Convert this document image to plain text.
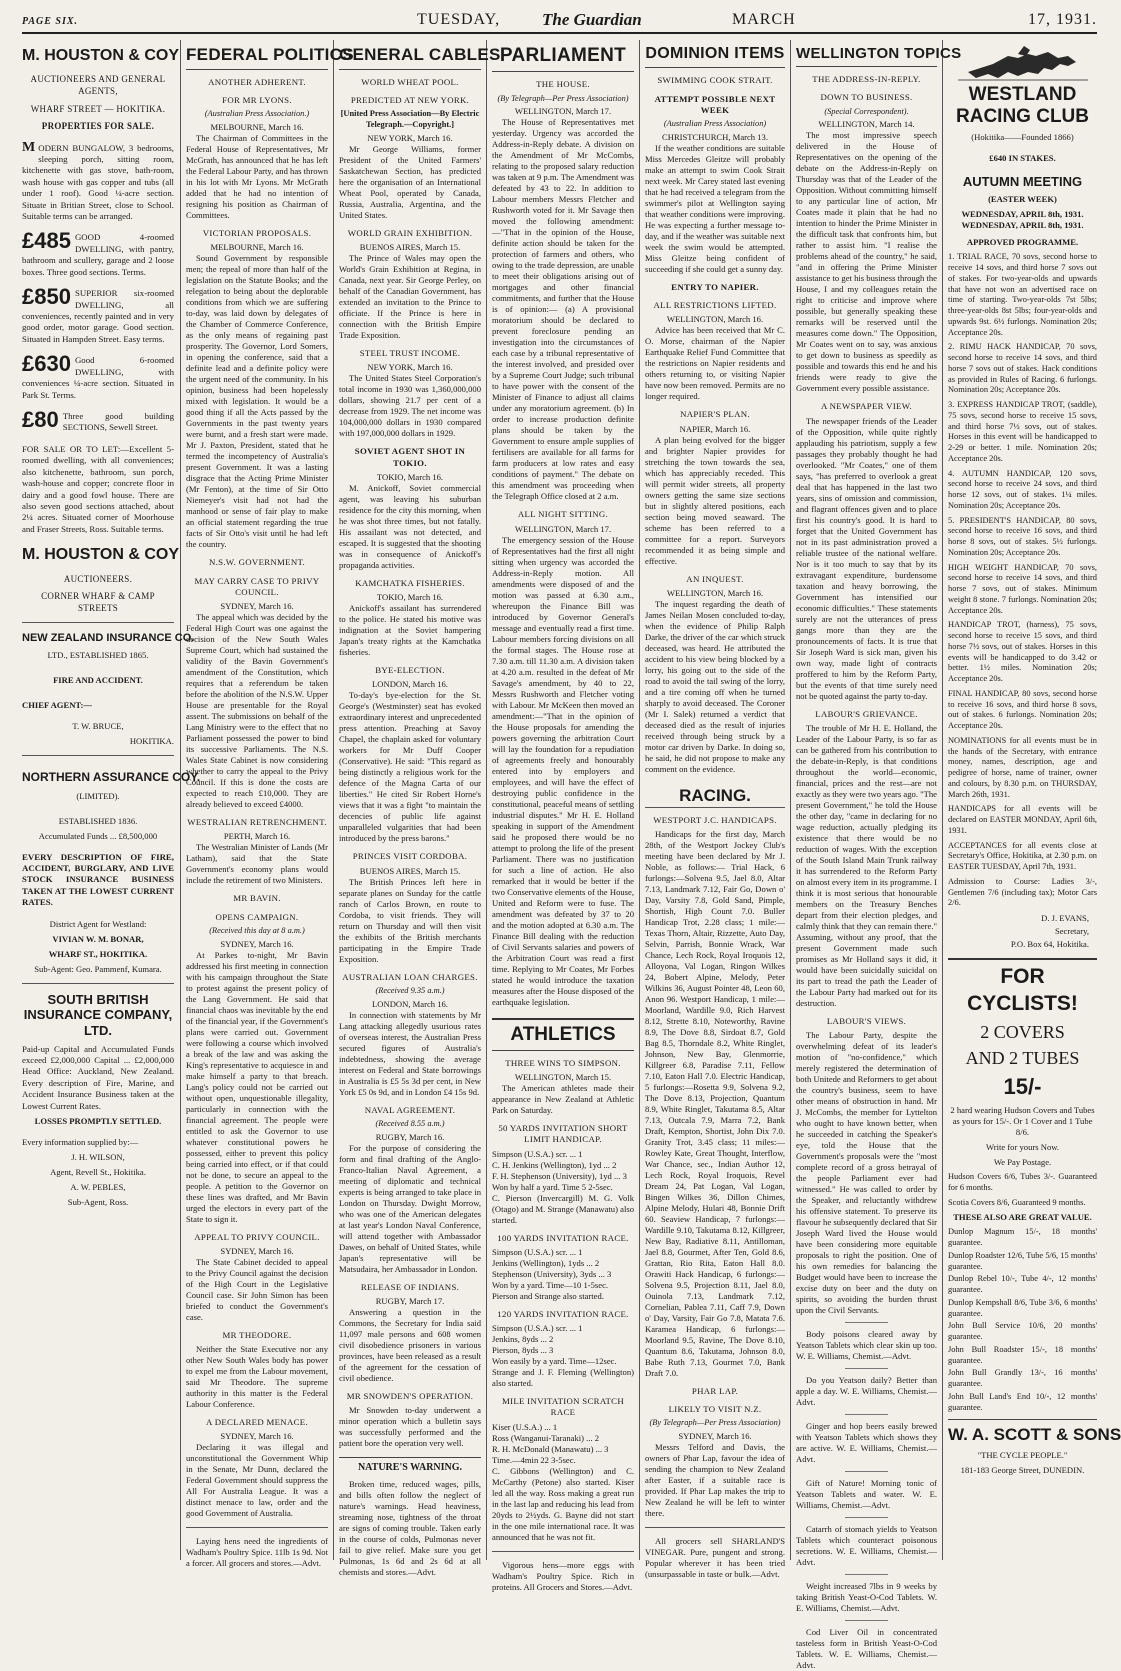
PAGE SIX.	TUESDAY, The Guardian	MARCH	17, 1931.
M. HOUSTON & COY
AUCTIONEERS AND GENERAL AGENTS,
WHARF STREET — HOKITIKA.
PROPERTIES FOR SALE.
MODERN BUNGALOW, 3 bedrooms, sleeping porch, sitting room, kitchenette with gas stove, bath-room, wash house with gas copper and tubs (all under 1 roof). Good ¼-acre section. Situate in Britian Street, close to School. Suitable terms can be arranged.
£485 GOOD 4-roomed DWELLING, with pantry, bathroom and scullery, garage and 2 loose boxes. Three good sections. Terms.
£850 SUPERIOR six-roomed DWELLING, all conveniences, recently painted and in very good order, motor garage. Good section. Situated in Hampden Street. Easy terms.
£630 Good 6-roomed DWELLING, with conveniences ¼-acre section. Situated in Park St. Terms.
£80 Three good building SECTIONS, Sewell Street.
FOR SALE OR TO LET:—Excellent 5-roomed dwelling, with all conveniences; also kitchenette, bathroom, sun porch, wash-house and copper; concrete floor in dairy and a good fowl house. There are also seven good sections attached, about 2¼ acres. Situated corner of Moorhouse and Fraser Streets, Ross. Suitable terms.
M. HOUSTON & COY
AUCTIONEERS.
CORNER WHARF & CAMP STREETS
NEW ZEALAND INSURANCE CO.
LTD., ESTABLISHED 1865.
FIRE AND ACCIDENT.
CHIEF AGENT:—
T. W. BRUCE,
HOKITIKA.
NORTHERN ASSURANCE COY.
(LIMITED).
ESTABLISHED 1836.
Accumulated Funds ... £8,500,000
EVERY DESCRIPTION OF FIRE, ACCIDENT, BURGLARY, AND LIVE STOCK INSURANCE BUSINESS TAKEN AT THE LOWEST CURRENT RATES.
District Agent for Westland:
VIVIAN W. M. BONAR,
WHARF ST., HOKITIKA.
Sub-Agent: Geo. Pammenf, Kumara.
SOUTH BRITISH INSURANCE COMPANY, LTD.
Paid-up Capital and Accumulated Funds exceed £2,000,000 Capital ... £2,000,000 Head Office: Auckland, New Zealand. Every description of Fire, Marine, and Accident Insurance Business taken at the Lowest Current Rates.
LOSSES PROMPTLY SETTLED.
Every information supplied by:—
J. H. WILSON,
Agent, Revell St., Hokitika.
A. W. PEBLES,
Sub-Agent, Ross.
FEDERAL POLITICS
ANOTHER ADHERENT.
FOR MR LYONS.
(Australian Press Association.)
MELBOURNE, March 16.

The Chairman of Committees in the Federal House of Representatives, Mr McGrath, has announced that he has left the Federal Labour Party, and has thrown in his lot with Mr Lyons. Mr McGrath added that he had no intention of resigning his position as Chairman of Committees.

VICTORIAN PROPOSALS.
MELBOURNE, March 16.

Sound Government by responsible men; the repeal of more than half of the legislation on the Statute Books; and the relegation to being about the deplorable conditions from which we are suffering to-day, was laid down by delegates of the Chamber of Commerce Conference, as the only means of regaining past prosperity. The Governor, Lord Somers, in opening the conference, said that a definite lead and a definite policy were the urgent need of the community. In his opinion, business had been hopelessly mixed with legislation. It would be a good thing if all the Acts passed by the Governments in the past twenty years were burnt, and a fresh start were made. Mr J. Paxton, President, stated that he termed the incompetency of Australia's present Government. It was a lasting disgrace that the Acting Prime Minister (Mr Fenton), at the time of Sir Otto Niemeyer's visit had not had the manhood or sense of fair play to make an official statement regarding the true facts of Sir Otto's visit until he had left the country.

N.S.W. GOVERNMENT.
MAY CARRY CASE TO PRIVY COUNCIL.
SYDNEY, March 16.

The appeal which was decided by the Federal High Court was one against the decision of the New South Wales Supreme Court, which had sustained the validity of the Bavin Government's amendment of the Constitution, which requires that a referendum be taken before the abolition of the N.S.W. Upper House are presentable for the Royal assent. The submissions on behalf of the Lang Ministry were to the effect that no Parliament possessed the power to bind its successive Parliaments. The N.S. Wales State Cabinet is now considering whether to carry the appeal to the Privy Council. If this is done the costs are expected to reach £10,000. They are already believed to exceed £4000.

WESTRALIAN RETRENCHMENT.
PERTH, March 16.

The Westralian Minister of Lands (Mr Latham), said that the State Government's economy plans would include the retirement of two Ministers.

MR BAVIN.
OPENS CAMPAIGN.
(Received this day at 8 a.m.)
SYDNEY, March 16.

At Parkes to-night, Mr Bavin addressed his first meeting in connection with his campaign throughout the State to protest against the present policy of the Lang Government. He said that financial chaos was inevitable by the end of the financial year, if the Government's plans were carried out. Government were following a course which involved a break of the law and was asking the King's representative to acquiesce in and make himself a party to that breach. Lang's policy could not be carried out without open, unquestionable illegality, particularly in connection with the financial agreement. The people were entitled to ask the Governor to use whatever constitutional powers he possessed, either to prevent this policy being carried into effect, or if that could not be done, to secure an appeal to the people. A petition to the Governor on these lines was drafted, and Mr Bavin urged the electors in every part of the State to sign it.

APPEAL TO PRIVY COUNCIL.
SYDNEY, March 16.

The State Cabinet decided to appeal to the Privy Council against the decision of the High Court in the Legislative Council case. Sir John Simon has been briefed to conduct the Government's case.

MR THEODORE.

Neither the State Executive nor any other New South Wales body has power to expel me from the Labour movement, said Mr Theodore. The supreme authority in this matter is the Federal Labour Conference.

A DECLARED MENACE.
SYDNEY, March 16.

Declaring it was illegal and unconstitutional the Government Whip in the Senate, Mr Dunn, declared the Federal Government should suppress the All For Australia League. It was a distinct menace to law, order and the good Government of Australia.

Laying hens need the ingredients of Wadham's Poultry Spice. 11lb 1s 9d. Not a forcer. All grocers and stores.—Advt.

GENERAL CABLES
WORLD WHEAT POOL.
PREDICTED AT NEW YORK.
[United Press Association—By Electric Telegraph.—Copyright.]
NEW YORK, March 16.

Mr George Williams, former President of the United Farmers' Saskatchewan Section, has predicted here the organisation of an International Wheat Pool, operated by Canada, Russia, Australia, Argentina, and the United States.

WORLD GRAIN EXHIBITION.
BUENOS AIRES, March 15.

The Prince of Wales may open the World's Grain Exhibition at Regina, in Canada, next year. Sir George Perley, on behalf of the Canadian Government, has extended an invitation to the Prince to officiate. If the Prince is here in connection with the British Empire Trade Exposition.

STEEL TRUST INCOME.
NEW YORK, March 16.

The United States Steel Corporation's total income in 1930 was 1,360,000,000 dollars, showing 21.7 per cent of a decrease from 1929. The net income was 104,000,000 dollars in 1930 compared with 197,000,000 dollars in 1929.

SOVIET AGENT SHOT IN TOKIO.
TOKIO, March 16.

M. Anickoff, Soviet commercial agent, was leaving his suburban residence for the city this morning, when he was shot three times, but not fatally. His assailant was not detected, and escaped. It is suggested that the shooting was in consequence of Anickoff's propaganda activities.

KAMCHATKA FISHERIES.
TOKIO, March 16.

Anickoff's assailant has surrendered to the police. He stated his motive was indignation at the Soviet hampering Japan's treaty rights at the Kamchatka fisheries.

BYE-ELECTION.
LONDON, March 16.

To-day's bye-election for the St. George's (Westminster) seat has evoked extraordinary interest and unprecedented press attention. Preaching at Savoy Chapel, the chaplain asked for voluntary workers for Mr Duff Cooper (Conservative). He said: "This regard as being distinctly a religious work for the defence of the Magna Carta of our liberties." He cited Sir Robert Horne's views that it was a fight "to maintain the decencies of public life against unparalleled vulgarities that had been introduced by the press barons."

PRINCES VISIT CORDOBA.
BUENOS AIRES, March 15.

The British Princes left here in separate planes on Sunday for the cattle ranch of Carlos Brown, en route to Cordoba, to visit friends. They will return on Thursday and will then visit the exhibits of the British merchants participating in the Empire Trade Exposition.

AUSTRALIAN LOAN CHARGES.
(Received 9.35 a.m.)
LONDON, March 16.

In connection with statements by Mr Lang attacking allegedly usurious rates of overseas interest, the Australian Press secured figures of Australia's indebtedness, showing the average interest on Federal and State borrowings in Australia is £5 5s 3d per cent, in New York £5 0s 9d, and in London £4 15s 9d.

NAVAL AGREEMENT.
(Received 8.55 a.m.)
RUGBY, March 16.

For the purpose of considering the form and final drafting of the Anglo-Franco-Italian Naval Agreement, a meeting of diplomatic and technical experts is being arranged to take place in London on Thursday. Dwight Morrow, who was one of the American delegates at last year's London Naval Conference, will attend together with Ambassador Dawes, on behalf of United States, while Japan's representative will be Matsudaira, her Ambassador in London.

RELEASE OF INDIANS.
RUGBY, March 17.

Answering a question in the Commons, the Secretary for India said 11,097 male persons and 608 women civil disobedience prisoners in various provinces, have been released as a result of the agreement for the cessation of civil obedience.

MR SNOWDEN'S OPERATION.

Mr Snowden to-day underwent a minor operation which a bulletin says was successfully performed and the patient bore the operation very well.

NATURE'S WARNING.

Broken time, reduced wages, pills, and bills often follow the neglect of nature's warnings. Head heaviness, streaming nose, tightness of the throat are signs of coming trouble. Taken early in the course of colds, Pulmonas never fail to give relief. Make sure you get Pulmonas, 1s 6d and 2s 6d at all chemists and stores.—Advt.

PARLIAMENT
THE HOUSE.
(By Telegraph—Per Press Association)
WELLINGTON, March 17.

The House of Representatives met yesterday. Urgency was accorded the Address-in-Reply debate. A division on the Amendment of Mr McCombs, relating to the proposed salary reduction was taken at 9 p.m. The Amendment was defeated by 43 to 22. In addition to Labour members Messrs Fletcher and Rushworth voted for it. Mr Savage then moved the following amendment:—"That in the opinion of the House, definite action should be taken for the protection of farmers and others, who owing to the trade depression, are unable to meet their obligations arising out of mortgages and other financial commitments, and further that the House is of opinion:— (a) A provisional moratorium should be declared to prevent foreclosure pending an investigation into the circumstances of each case by a tribunal representative of the interest involved, and presided over by a Supreme Court Judge; such tribunal to have power with the consent of the Minister of Finance to adjust all claims under any moratorium agreement. (b) In order to increase production definite plans should be taken by the Government to ensure ample supplies of fertilisers are available for all farms for farm producers at low rates and easy conditions of payment." The debate on this amendment was proceeding when the Telegraph Office closed at 2 a.m.

ALL NIGHT SITTING.
WELLINGTON, March 17.

The emergency session of the House of Representatives had the first all night sitting when urgency was accorded the Address-in-Reply motion. All amendments were disposed of and the motion was passed at 6.30 a.m., whereupon the Finance Bill was introduced by Governor General's message and eventually read a first time. Labour members forcing divisions on all the formal stages. The House rose at 7.30 a.m. till 11.30 a.m. A division taken at 4.20 a.m. resulted in the defeat of Mr Savage's amendment, by 40 to 22, Messrs Rushworth and Fletcher voting with Labour. Mr McKeen then moved an amendment:—"That in the opinion of the House proposals for amending the powers governing the arbitration Court will lay the foundation for a repudiation of agreements freely and honourably entered into by employers and employees, and will have the effect of destroying public confidence in the constitutional, peaceful means of settling industrial disputes." Mr H. E. Holland speaking in support of the Amendment said he proposed there would be no attempt to prolong the life of the present Parliament. There was no justification for such a line of action. He also remarked that it would be better if the two Conservative elements of the House, United and Reform were to fuse. The amendment was defeated by 37 to 20 and the motion adopted at 6.30 a.m. The Finance Bill dealing with the reduction of Civil Servants salaries and powers of the Arbitration Court was read a first time. Replying to Mr Coates, Mr Forbes stated he would introduce the taxation measures after the House disposed of the earthquake legislation.

ATHLETICS
THREE WINS TO SIMPSON.
WELLINGTON, March 15.

The American athletes made their appearance in New Zealand at Athletic Park on Saturday.

50 YARDS INVITATION SHORT LIMIT HANDICAP.

Simpson (U.S.A.) scr. ... 1
C. H. Jenkins (Wellington), 1yd ... 2
F. H. Stephenson (University), 1yd ... 3
Won by half a yard. Time 5 2-5sec.
C. Pierson (Invercargill) M. G. Volk (Otago) and M. Strange (Manawatu) also started.

100 YARDS INVITATION RACE.

Simpson (U.S.A.) scr. ... 1
Jenkins (Wellington), 1yds ... 2
Stephenson (University), 3yds ... 3
Won by a yard. Time—10 1-5sec.
Pierson and Strange also started.

120 YARDS INVITATION RACE.

Simpson (U.S.A.) scr. ... 1
Jenkins, 8yds ... 2
Pierson, 8yds ... 3
Won easily by a yard. Time—12sec.
Strange and J. F. Fleming (Wellington) also started.

MILE INVITATION SCRATCH RACE

Kiser (U.S.A.) ... 1
Ross (Wanganui-Taranaki) ... 2
R. H. McDonald (Manawatu) ... 3
Time.—4min 22 3-5sec.
C. Gibbons (Wellington) and C. McCarthy (Petone) also started. Kiser led all the way. Ross making a great run in the last lap and reducing his lead from 20yds to 2½yds. G. Bayne did not start in the one mile international race. It was announced that he was not fit.

Vigorous hens—more eggs with Wadham's Poultry Spice. Rich in proteins. All Grocers and Stores.—Advt.

DOMINION ITEMS
SWIMMING COOK STRAIT.
ATTEMPT POSSIBLE NEXT WEEK
(Australian Press Association)
CHRISTCHURCH, March 13.

If the weather conditions are suitable Miss Mercedes Gleitze will probably make an attempt to swim Cook Strait next week. Mr Carey stated last evening that he had received a telegram from the swimmer's pilot at Wellington saying that weather conditions were improving. He was expecting a further message to-day, and if the weather was suitable next week the swim would be attempted. Miss Gleitze being confident of succeeding if she could get a sunny day.

ENTRY TO NAPIER.
ALL RESTRICTIONS LIFTED.
WELLINGTON, March 16.

Advice has been received that Mr C. O. Morse, chairman of the Napier Earthquake Relief Fund Committee that the restrictions on Napier residents and others returning to, or visiting Napier have now been removed. Permits are no longer required.

NAPIER'S PLAN.
NAPIER, March 16.

A plan being evolved for the bigger and brighter Napier provides for stretching the town towards the sea, which has appreciably receded. This will permit wider streets, all property owners getting the same size sections but in slightly altered positions, each section being moved seaward. The scheme has been referred to a committee for a report. Surveyors recommended it as being simple and effective.

AN INQUEST.
WELLINGTON, March 16.

The inquest regarding the death of James Neilan Mosen concluded to-day, when the evidence of Philip Ralph Darke, the driver of the car which struck deceased, was heard. He attributed the accident to his view being blocked by a lorry, his going out to the side of the road to avoid the tail swing of the lorry, and a tire coming off when he turned sharply to avoid deceased. The Coroner (Mr I. Salek) returned a verdict that deceased died as the result of injuries received through being struck by a motor car driven by Darke. In doing so, he said, he did not propose to make any comment on the evidence.

RACING.
WESTPORT J.C. HANDICAPS.

Handicaps for the first day, March 28th, of the Westport Jockey Club's meeting have been declared by Mr J. Noble, as follows:— Trial Hack, 6 furlongs:—Solvena 9.5, Jael 8.0, Altar 7.13, Landmark 7.12, Fair Go, Down o' Day, Varsity 7.8, Gold Sand, Pimple, Shortish, High Count 7.0. Buller Handicap Trot, 2.28 class; 1 mile:—Texas Thorn, Altair, Rizzette, Auto Day, Selvin, Parrish, Bonnie Wrack, War Chance, Lech Rock, Royal Iroquois 12, Alloyona, Val Logan, Ringon Wilkes 24, Bobert Alpine, Melody, Peter Wilkins 36, August Pointer 48, Leon 60, Anon 96. Westport Handicap, 1 mile:—Moorland, Wardille 9.0, Rich Harvest 8.12, Strette 8.10, Noteworthy, Ravine 8.9, The Dove 8.8, Sirdoat 8.7, Gold Bag 8.5, Thorndale 8.2, White Ringlet, Johnson, New Bay, Glenmorrie, Killgreer 6.8, Paradise 7.11, Fellow 7.10, Eaton Hall 7.0. Electric Handicap, 5 furlongs:—Rosetta 9.9, Solvena 9.2, The Dove 8.13, Projection, Quantum 8.9, White Ringlet, Takutama 8.5, Altar 7.13, Outcala 7.9, Marra 7.2, Bank Draft, Kempton, Shortist, John Dix 7.0. Granity Trot, 3.45 class; 11 miles:—Rowley Kate, Great Thought, Interflow, War Chance, sec., Indian Author 12, Lech Rock, Royal Iroquois, Revel Dream 24, Pat Logan, Val Logan, Bingen Wilkes 36, Dillon Chimes, Alpine Melody, Hulari 48, Bonnie Drift 60. Seaview Handicap, 7 furlongs:—Wardille 9.10, Takutama 8.12, Killgreer, New Bay, Radiative 8.11, Antilloman, Jael 8.8, Gourmet, After Ten, Gold 8.6, Grattan, Rio Rita, Eaton Hall 8.0. Orawiti Hack Handicap, 6 furlongs:—Solvena 9.5, Projection 8.11, Jael 8.0, Ouinola 7.13, Landmark 7.12, Cornelian, Pablea 7.11, Caff 7.9, Down o' Day, Varsity, Fair Go 7.8, Matata 7.6. Karamea Handicap, 6 furlongs:—Moorland 9.5, Ravine, The Dove 8.10, Quantum 8.6, Takutama, Johnson 8.0, Babe Ruth 7.13, Gourmet 7.0, Bank Draft 7.0.

PHAR LAP.
LIKELY TO VISIT N.Z.
(By Telegraph—Per Press Association)
SYDNEY, March 16.

Messrs Telford and Davis, the owners of Phar Lap, favour the idea of sending the champion to New Zealand after Easter, if a suitable race is provided. If Phar Lap makes the trip to New Zealand he will be left to winter there.

All grocers sell SHARLAND'S VINEGAR. Pure, pungent and strong. Popular wherever it has been tried (unsurpassable in taste or bulk.—Advt.

WELLINGTON TOPICS
THE ADDRESS-IN-REPLY.
DOWN TO BUSINESS.
(Special Correspondent).
WELLINGTON, March 14.

The most impressive speech delivered in the House of Representatives on the opening of the debate on the Address-in-Reply on Thursday was that of the Leader of the Opposition. Without committing himself to any particular line of action, Mr Coates made it plain that he had no intention to hinder the Prime Minister in the difficult task that confronts him, but rather to assist him. "I realise the problems ahead of the country," he said, "and in offering the Prime Minister assistance to get his business through the House, I and my colleagues retain the right to criticise and improve where possible, but generally speaking these remarks will be reserved until the measures come down." The Opposition, Mr Coates went on to say, was anxious to get down to business as speedily as possible and towards this end he and his friends were ready to give the Government every possible assistance.

A NEWSPAPER VIEW.

The newspaper friends of the Leader of the Opposition, while quite rightly applauding his patriotism, supply a few passages they probably thought he had overlooked. "Mr Coates," one of them says, "has preferred to overlook a great deal that has happened in the last two years, sins of omission and commission, and flagrant offences given and to place first his country's good. It is hard to forget that the United Government has not in its past administration proved a reliable trustee of the national welfare. Nor is it too much to say that by its extravagant expenditure, burdensome taxation and heavy borrowing, the Government has intensified our economic difficulties." These statements surely are not the utterances of press gangs more than they are the pronouncements of facts. It is true that Sir Joseph Ward is sick man, given his own way, made light of contracts proffered to him by the Reform Party, but the events of that time surely need not be quoted against the party to-day.

LABOUR'S GRIEVANCE.

The trouble of Mr H. E. Holland, the Leader of the Labour Party, is so far as can be gathered from his contribution to the debate-in-Reply, is that conditions throughout the world—economic, financial, prices and the rest—are not exactly as they were two years ago. "The present Government," he told the House the other day, "came in declaring for no wage reduction, actually pledging its existence that there would be no reduction of wages. With the exception of the South Island Main Trunk railway it has surrendered to the Reform Party on almost every item in its programme. I think it is most serious that honourable members on the Treasury Benches depart from their election pledges, and calmly think that they can remain there." Assuming, without any proof, that the present Government made such promises as Mr Holland says it did, it would have been suicidally suicidal on its part to tread the path the Leader of the Labour Party had marked out for its destruction.

LABOUR'S VIEWS.

The Labour Party, despite the overwhelming defeat of its leader's motion of "no-confidence," which merely registered the determination of both Unitede and Reformers to get about the country's business, seem to have other means of obstruction in hand. Mr J. McCombs, the member for Lyttelton who ought to have known better, when he succeeded in catching the Speaker's eye, told the House that the Government's proposals were the "most complete record of a gross betrayal of the people Parliament ever had witnessed." He was called to order by the Speaker, and reluctantly withdrew his offensive statement. To preserve its flavour he subsequently declared that Sir Joseph Ward lived the House would have been considering more equitable proposals to right the position. One of his own remedies for balancing the Budget would have been to increase the excise duty on beer and the duty on spirits, so avoiding the burden thrust upon the Civil Servants.

Body poisons cleared away by Yeatson Tablets which clear skin up too. W. E. Williams, Chemist.—Advt.

Do you Yeatson daily? Better than apple a day. W. E. Williams, Chemist.—Advt.

Ginger and hop beers easily brewed with Yeatson Tablets which shows they are active. W. E. Williams, Chemist.—Advt.

Gift of Nature! Morning tonic of Yeatson Tablets and water. W. E. Williams, Chemist.—Advt.

Catarrh of stomach yields to Yeatson Tablets which counteract poisonous secretions. W. E. Williams, Chemist.—Advt.

Weight increased 7lbs in 9 weeks by taking British Yeast-O-Cod Tablets. W. E. Williams, Chemist.—Advt.

Cod Liver Oil in concentrated tasteless form in British Yeast-O-Cod Tablets. W. E. Williams, Chemist.—Advt.

WESTLAND RACING CLUB
(Hokitika——Founded 1866)
£640 IN STAKES.
AUTUMN MEETING
(EASTER WEEK)
WEDNESDAY, APRIL 8th, 1931. WEDNESDAY, APRIL 8th, 1931.
APPROVED PROGRAMME.
1. TRIAL RACE, 70 sovs, second horse to receive 14 sovs, and third horse 7 sovs out of stakes. For two-year-olds and upwards that have not won an advertised race on time of starting. Two-year-olds 7st 5lbs; three-year-olds 8st 5lbs; four-year-olds and upwards 9st. 6½ furlongs. Nomination 20s; Acceptance 20s.
2. RIMU HACK HANDICAP, 70 sovs, second horse to receive 14 sovs, and third horse 7 sovs out of stakes. Hack conditions as provided in Rules of Racing. 6 furlongs. Nomination 20s; Acceptance 20s.
3. EXPRESS HANDICAP TROT, (saddle), 75 sovs, second horse to receive 15 sovs, and third horse 7½ sovs, out of stakes. Horses in this event will be handicapped to 2-29 or better. 1 mile. Nomination 20s; Acceptance 20s.
4. AUTUMN HANDICAP, 120 sovs, second horse to receive 24 sovs, and third horse 12 sovs, out of stakes. 1¼ miles. Nomination 20s; Acceptance 20s.
5. PRESIDENT'S HANDICAP, 80 sovs, second horse to receive 16 sovs, and third horse 8 sovs, out of stakes. 5½ furlongs. Nomination 20s; Acceptance 20s.
HIGH WEIGHT HANDICAP, 70 sovs, second horse to receive 14 sovs, and third horse 7 sovs, out of stakes. Minimum weight 8 stone. 7 furlongs. Nomination 20s; Acceptance 20s.
HANDICAP TROT, (harness), 75 sovs, second horse to receive 15 sovs, and third horse 7½ sovs, out of stakes. Horses in this events will be handicapped to do 3.42 or better. 1½ miles. Nomination 20s; Acceptance 20s.
FINAL HANDICAP, 80 sovs, second horse to receive 16 sovs, and third horse 8 sovs, out of stakes. 6 furlongs. Nomination 20s; Acceptance 20s.
NOMINATIONS for all events must be in the hands of the Secretary, with entrance money, names, description, age and pedigree of horse, name of trainer, owner and colours, by 8.30 p.m. on THURSDAY, March 26th, 1931.
HANDICAPS for all events will be declared on EASTER MONDAY, April 6th, 1931.
ACCEPTANCES for all events close at Secretary's Office, Hokitika, at 2.30 p.m. on EASTER TUESDAY, April 7th, 1931.
Admission to Course: Ladies 3/-, Gentlemen 7/6 (including tax); Motor Cars 2/6.
D. J. EVANS,
Secretary,
P.O. Box 64, Hokitika.
FOR CYCLISTS!
2 COVERS
AND 2 TUBES
15/-
2 hard wearing Hudson Covers and Tubes as yours for 15/-. Or 1 Cover and 1 Tube 8/6.
Write for yours Now.
We Pay Postage.
Hudson Covers 6/6, Tubes 3/-. Guaranteed for 6 months.
Scotia Covers 8/6, Guaranteed 9 months.
THESE ALSO ARE GREAT VALUE.
Dunlop Magnum 15/-, 18 months' guarantee.
Dunlop Roadster 12/6, Tube 5/6, 15 months' guarantee.
Dunlop Rebel 10/-, Tube 4/-, 12 months' guarantee.
Dunlop Kempshall 8/6, Tube 3/6, 6 months' guarantee.
John Bull Service 10/6, 20 months' guarantee.
John Bull Roadster 15/-, 18 months' guarantee.
John Bull Grandly 13/-, 16 months' guarantee.
John Bull Land's End 10/-, 12 months' guarantee.
W. A. SCOTT & SONS
"THE CYCLE PEOPLE."
181-183 George Street, DUNEDIN.
